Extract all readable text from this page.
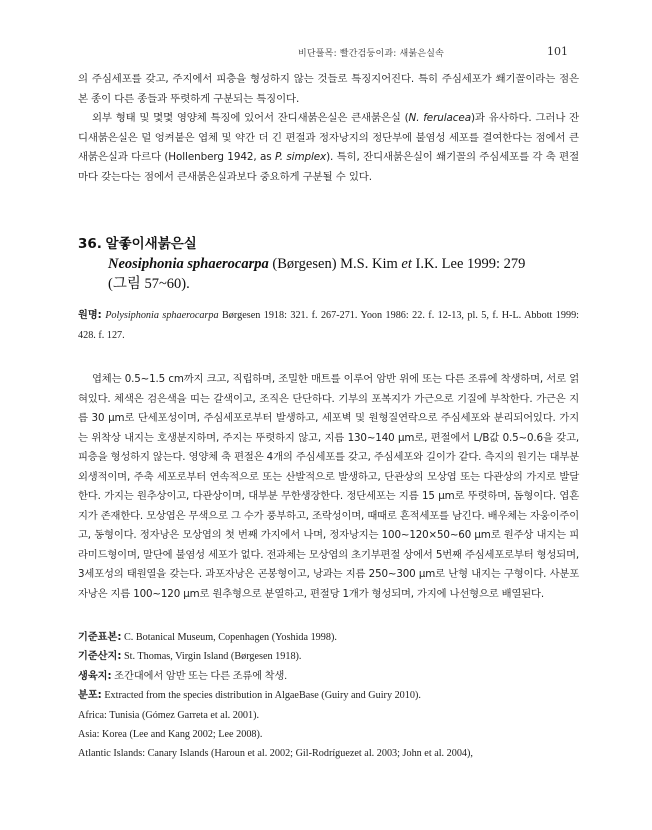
비단풀목: 빨간검둥이과: 새붉은실속	101

의 주심세포를 갖고, 주지에서 피층을 형성하지 않는 것들로 특징지어진다. 특히 주심세포가 쐐기꼴이라는 점은 본 종이 다른 종들과 뚜렷하게 구분되는 특징이다.

외부 형태 및 몇몇 영양체 특징에 있어서 잔디새붉은실은 큰새붉은실 (N. ferulacea)과 유사하다. 그러나 잔디새붉은실은 덜 엉켜붙은 엽체 및 약간 더 긴 편절과 정자낭지의 정단부에 불염성 세포를 결여한다는 점에서 큰새붉은실과 다르다 (Hollenberg 1942, as P. simplex). 특히, 잔디새붉은실이 쐐기꼴의 주심세포를 각 축 편절마다 갖는다는 점에서 큰새붉은실과보다 중요하게 구분될 수 있다.

36. 알좋이새붉은실
Neosiphonia sphaerocarpa (Børgesen) M.S. Kim et I.K. Lee 1999: 279
(그림 57~60).
원명: Polysiphonia sphaerocarpa Børgesen 1918: 321. f. 267-271. Yoon 1986: 22. f. 12-13, pl. 5, f. H-L. Abbott 1999: 428. f. 127.

엽체는 0.5~1.5 cm까지 크고, 직립하며, 조밀한 매트를 이루어 암반 위에 또는 다른 조류에 착생하며, 서로 얽혀있다. 체색은 검은색을 띠는 갈색이고, 조직은 단단하다. 기부의 포복지가 가근으로 기질에 부착한다. 가근은 지름 30 μm로 단세포성이며, 주심세포로부터 발생하고, 세포벽 및 원형질연락으로 주심세포와 분리되어있다. 가지는 위착상 내지는 호생분지하며, 주지는 뚜렷하지 않고, 지름 130~140 μm로, 편절에서 L/B값 0.5~0.6을 갖고, 피층을 형성하지 않는다. 영양체 축 편절은 4개의 주심세포를 갖고, 주심세포와 길이가 같다. 측지의 원기는 대부분 외생적이며, 주축 세포로부터 연속적으로 또는 산발적으로 발생하고, 단관상의 모상엽 또는 다관상의 가지로 발달한다. 가지는 원추상이고, 다관상이며, 대부분 무한생장한다. 정단세포는 지름 15 μm로 뚜렷하며, 돔형이다. 엽흔지가 존재한다. 모상엽은 무색으로 그 수가 풍부하고, 조락성이며, 때때로 흔적세포를 남긴다. 배우체는 자웅이주이고, 동형이다. 정자낭은 모상엽의 첫 번째 가지에서 나며, 정자낭지는 100~120×50~60 μm로 원주상 내지는 피라미드형이며, 말단에 불염성 세포가 없다. 전과체는 모상엽의 초기부편절 상에서 5번째 주심세포로부터 형성되며, 3세포성의 태원열을 갖는다. 과포자낭은 곤봉형이고, 낭과는 지름 250~300 μm로 난형 내지는 구형이다. 사분포자낭은 지름 100~120 μm로 원추형으로 분열하고, 편절당 1개가 형성되며, 가지에 나선형으로 배열된다.

기준표본: C. Botanical Museum, Copenhagen (Yoshida 1998).

기준산지: St. Thomas, Virgin Island (Børgesen 1918).

생육지: 조간대에서 암반 또는 다른 조류에 착생.

분포: Extracted from the species distribution in AlgaeBase (Guiry and Guiry 2010).

Africa: Tunisia (Gómez Garreta et al. 2001).

Asia: Korea (Lee and Kang 2002; Lee 2008).

Atlantic Islands: Canary Islands (Haroun et al. 2002; Gil-Rodríguezet al. 2003; John et al. 2004),
